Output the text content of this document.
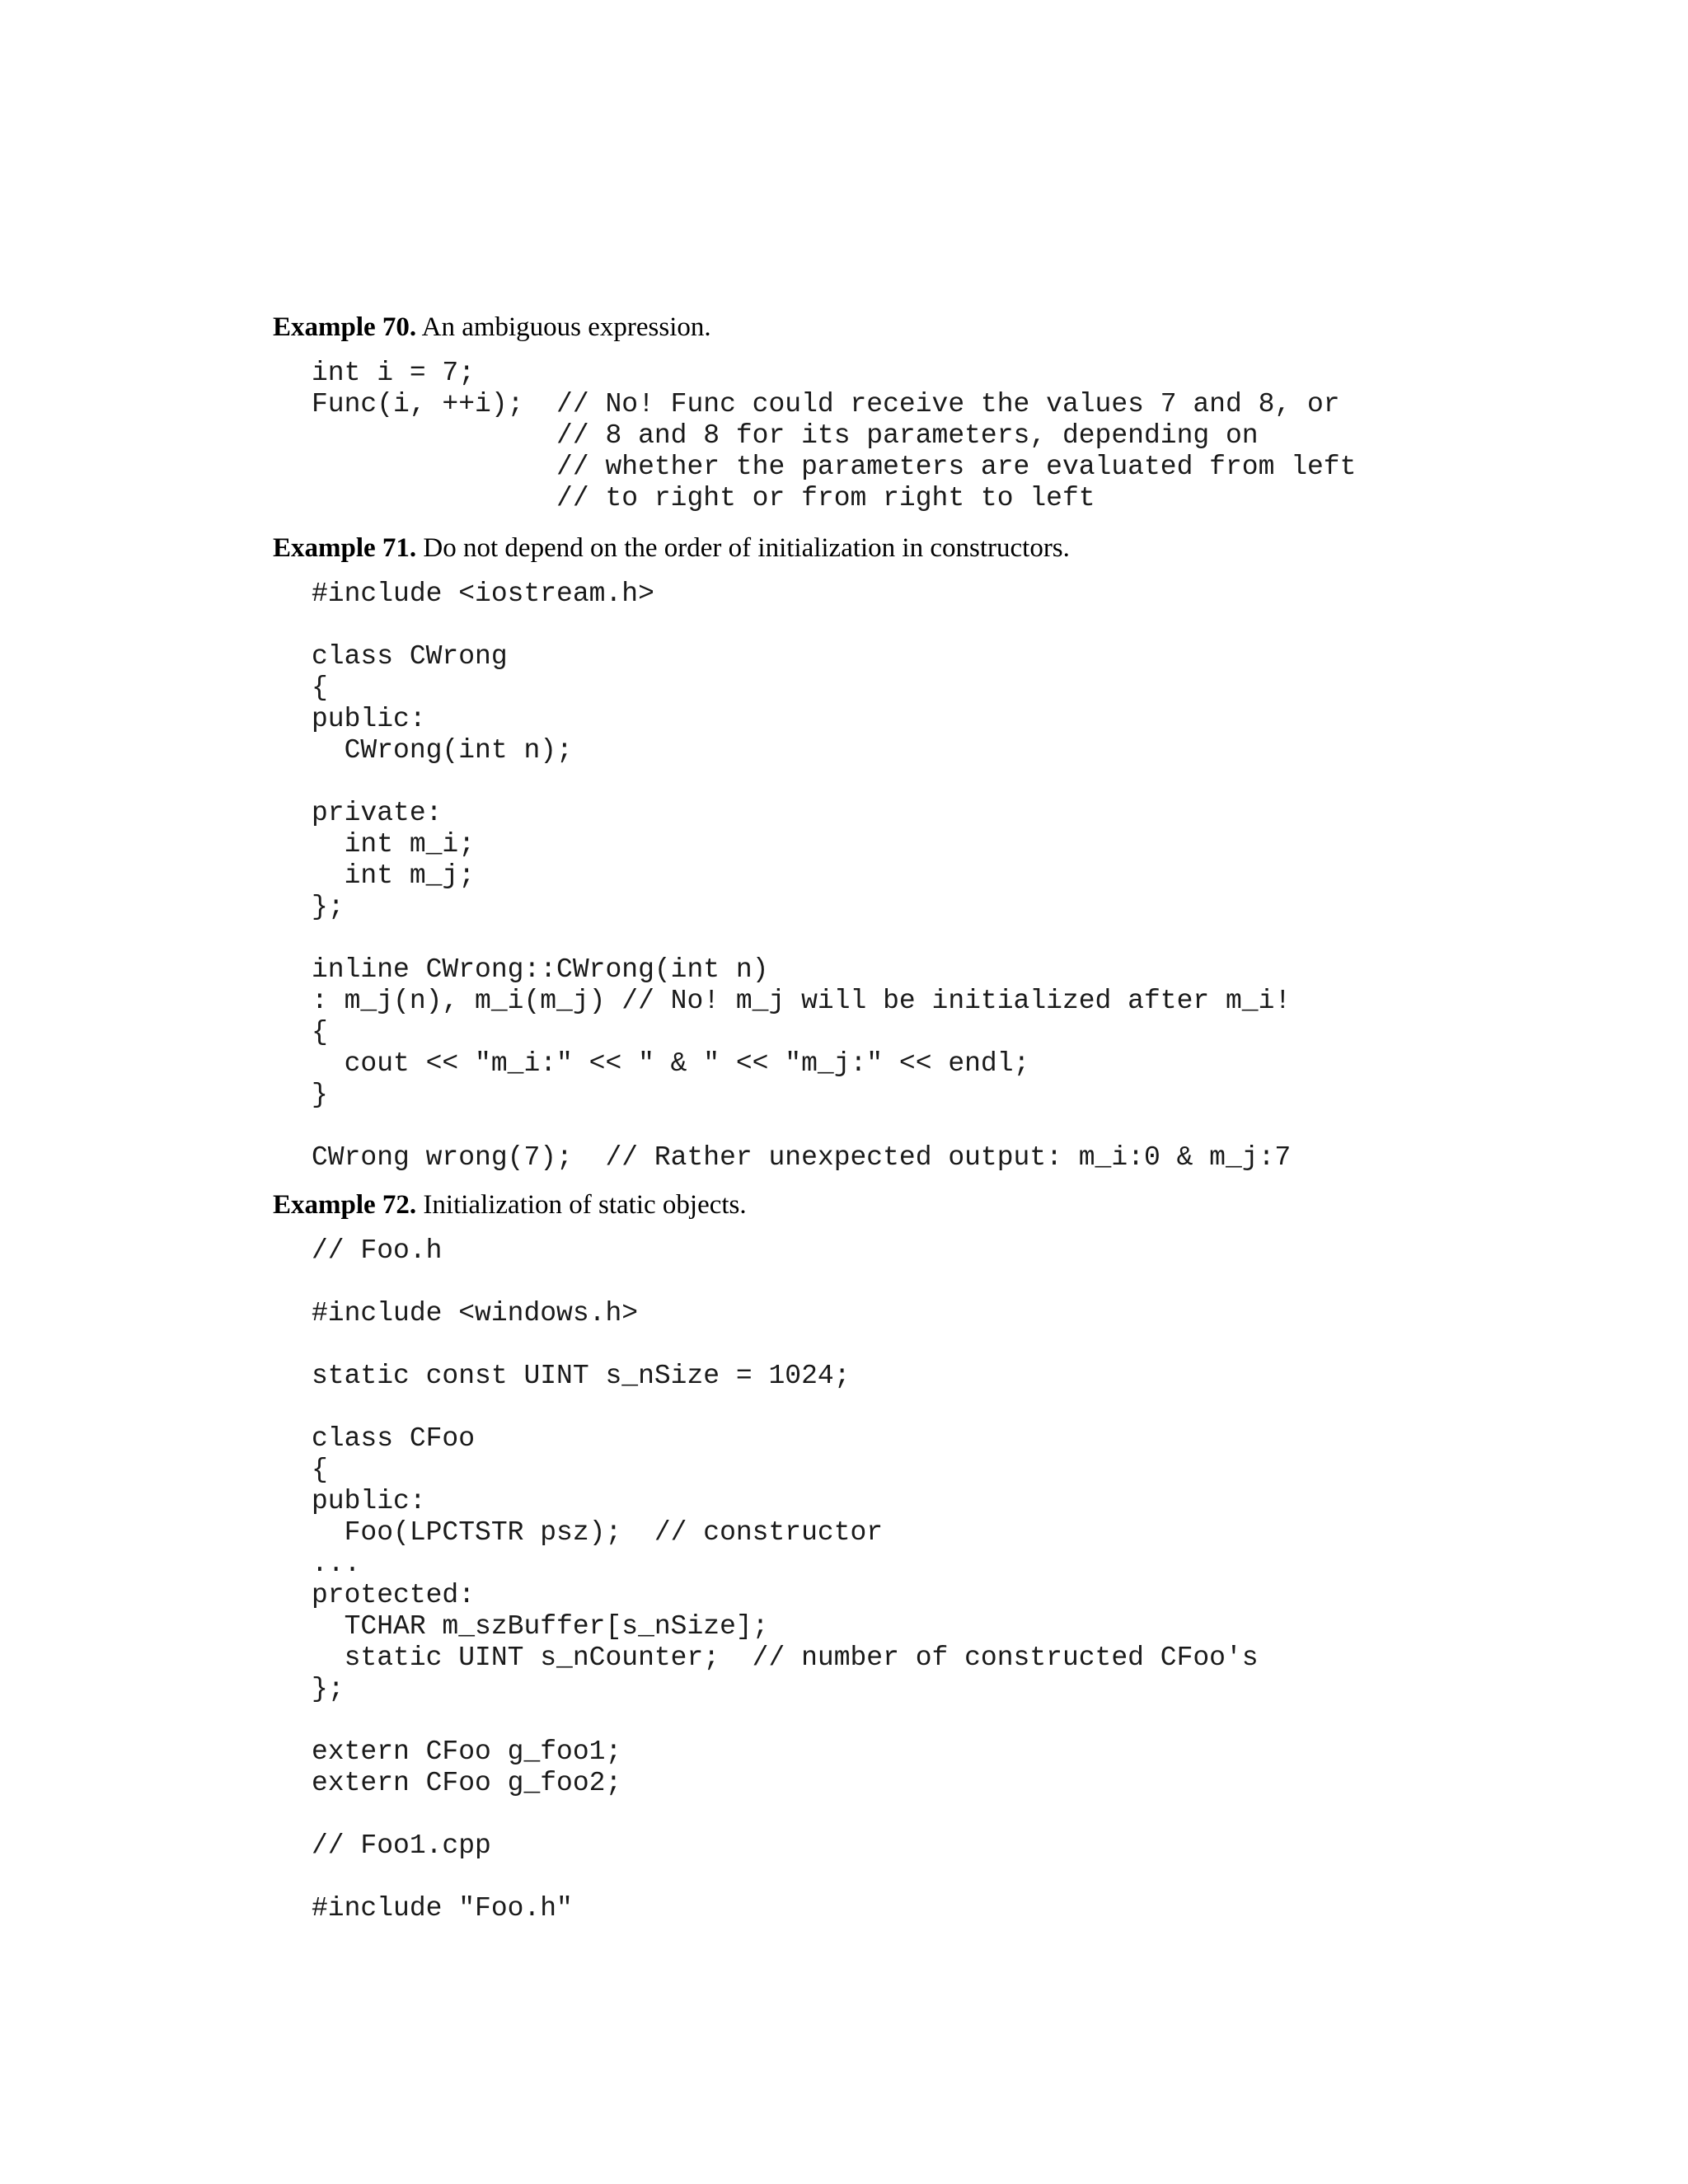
Example 70. An ambiguous expression.
int i = 7;
Func(i, ++i);  // No! Func could receive the values 7 and 8, or
// 8 and 8 for its parameters, depending on
// whether the parameters are evaluated from left
// to right or from right to left
Example 71. Do not depend on the order of initialization in constructors.
#include <iostream.h>
class CWrong
{
public:
CWrong(int n);
private:
int m_i;
int m_j;
};
inline CWrong::CWrong(int n)
: m_j(n), m_i(m_j) // No! m_j will be initialized after m_i!
{
cout << "m_i:" << " & " << "m_j:" << endl;
}
CWrong wrong(7);  // Rather unexpected output: m_i:0 & m_j:7
Example 72. Initialization of static objects.
// Foo.h
#include <windows.h>
static const UINT s_nSize = 1024;
class CFoo
{
public:
Foo(LPCTSTR psz);  // constructor
...
protected:
TCHAR m_szBuffer[s_nSize];
static UINT s_nCounter;  // number of constructed CFoo's
};
extern CFoo g_foo1;
extern CFoo g_foo2;
// Foo1.cpp
#include "Foo.h"
